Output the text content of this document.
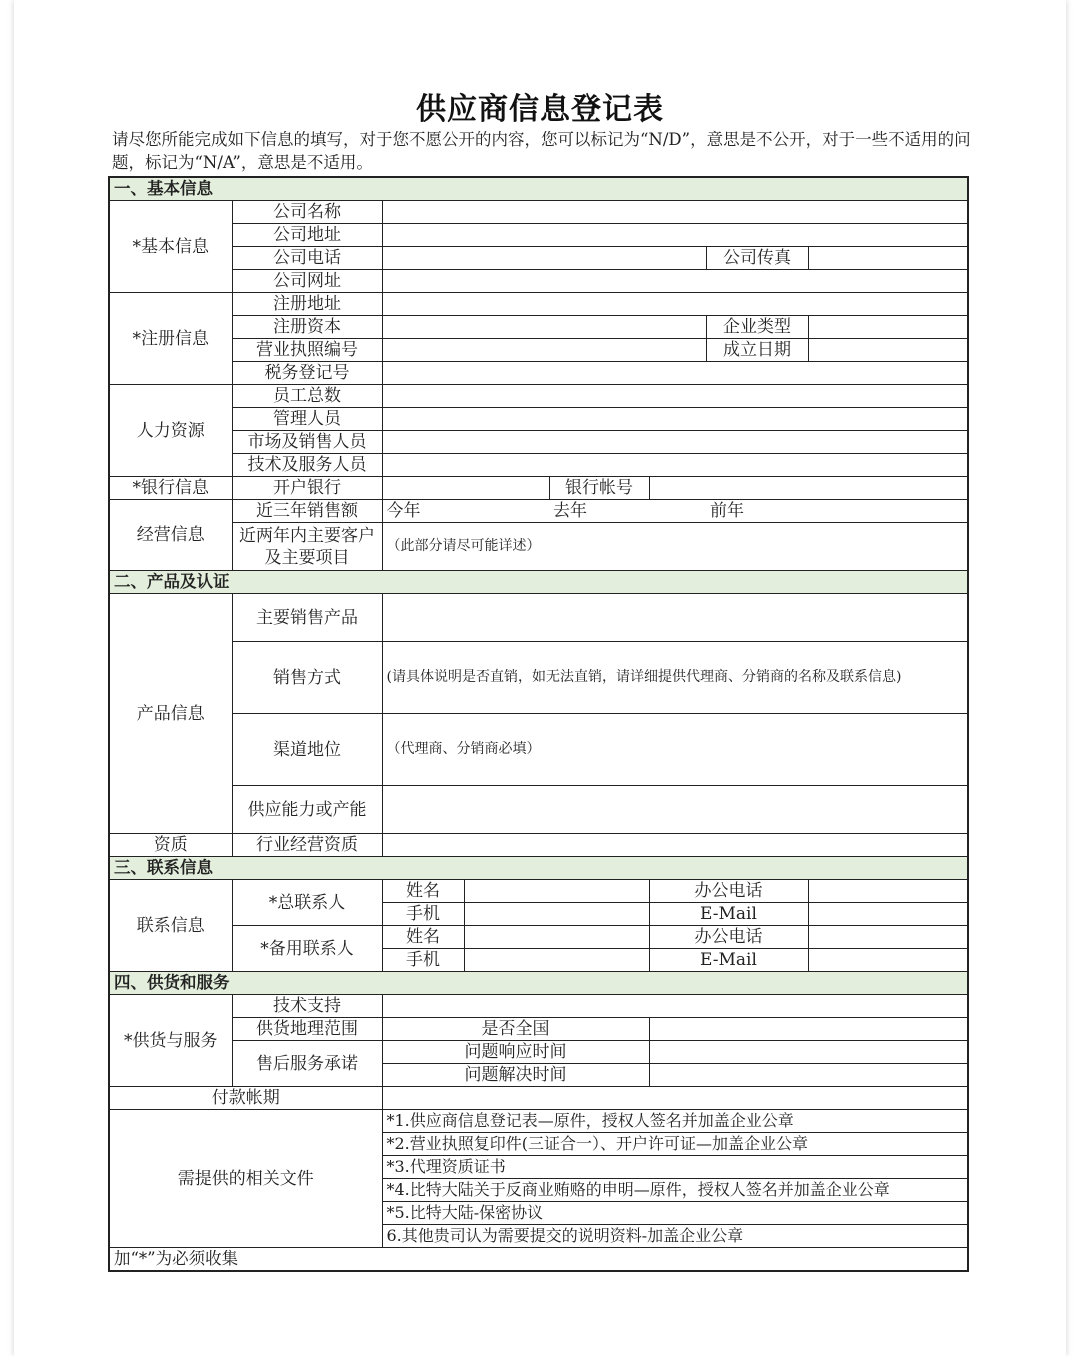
供应商信息登记表
请尽您所能完成如下信息的填写，对于您不愿公开的内容，您可以标记为“N/D”，意思是不公开，对于一些不适用的问题，标记为“N/A”，意思是不适用。
一、基本信息							
*基本信息	公司名称						
	公司地址						
	公司电话					公司传真	
	公司网址						
*注册信息	注册地址						
	注册资本					企业类型	
	营业执照编号					成立日期	
	税务登记号						
人力资源	员工总数						
	管理人员						
	市场及销售人员						
	技术及服务人员						
*银行信息	开户银行			银行帐号			
经营信息	近三年销售额	今年		去年		前年	
	近两年内主要客户及主要项目	（此部分请尽可能详述）					
二、产品及认证							
产品信息	主要销售产品						
	销售方式	(请具体说明是否直销，如无法直销，请详细提供代理商、分销商的名称及联系信息)					
	渠道地位	（代理商、分销商必填）					
	供应能力或产能						
资质	行业经营资质						
三、联系信息							
联系信息	*总联系人	姓名			办公电话		
		手机			E-Mail		
	*备用联系人	姓名			办公电话		
		手机			E-Mail		
四、供货和服务							
*供货与服务	技术支持						
	供货地理范围	是否全国					
	售后服务承诺	问题响应时间					
		问题解决时间					
付款帐期							
需提供的相关文件		*1.供应商信息登记表—原件，授权人签名并加盖企业公章					
		*2.营业执照复印件(三证合一）、开户许可证—加盖企业公章					
		*3.代理资质证书					
		*4.比特大陆关于反商业贿赂的申明—原件，授权人签名并加盖企业公章					
		*5.比特大陆-保密协议					
		6.其他贵司认为需要提交的说明资料-加盖企业公章					
加“*”为必须收集							
